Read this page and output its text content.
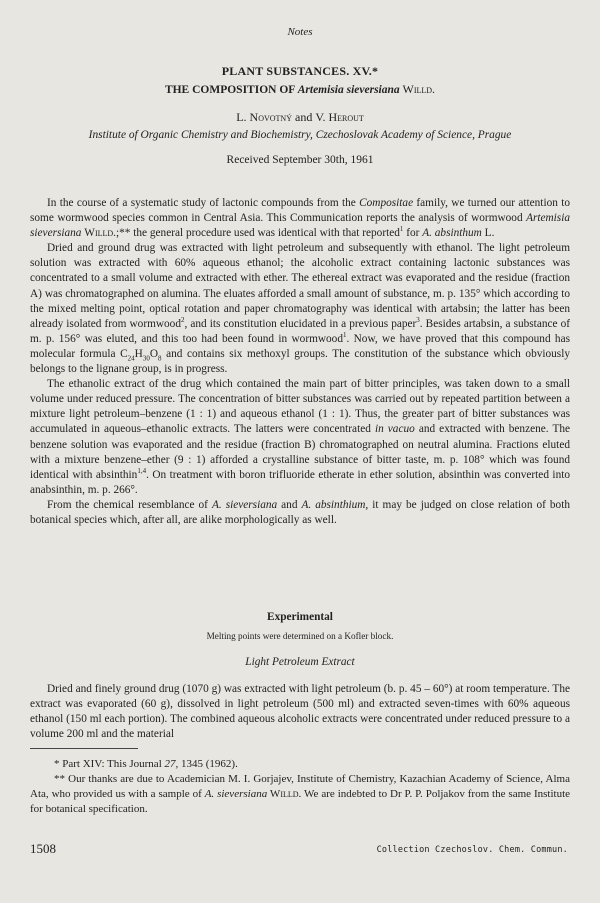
Notes
PLANT SUBSTANCES. XV.*
THE COMPOSITION OF Artemisia sieversiana Willd.
L. Novotný and V. Herout
Institute of Organic Chemistry and Biochemistry, Czechoslovak Academy of Science, Prague
Received September 30th, 1961

In the course of a systematic study of lactonic compounds from the Compositae family, we turned our attention to some wormwood species common in Central Asia. This Communication reports the analysis of wormwood Artemisia sieversiana Willd.;** the general procedure used was identical with that reported$^1$ for A. absinthum L.

Dried and ground drug was extracted with light petroleum and subsequently with ethanol. The light petroleum solution was extracted with 60% aqueous ethanol; the alcoholic extract containing lactonic substances was concentrated to a small volume and extracted with ether. The ethereal extract was evaporated and the residue (fraction A) was chromatographed on alumina. The eluates afforded a small amount of substance, m. p. 135° which according to the mixed melting point, optical rotation and paper chromatography was identical with artabsin; the latter has been already isolated from wormwood$^2$, and its constitution elucidated in a previous paper$^3$. Besides artabsin, a substance of m. p. 156° was eluted, and this too had been found in wormwood$^1$. Now, we have proved that this compound has molecular formula $C_{24}H_{30}O_8$ and contains six methoxyl groups. The constitution of the substance which obviously belongs to the lignane group, is in progress.

The ethanolic extract of the drug which contained the main part of bitter principles, was taken down to a small volume under reduced pressure. The concentration of bitter substances was carried out by repeated partition between a mixture light petroleum–benzene (1 : 1) and aqueous ethanol (1 : 1). Thus, the greater part of bitter substances was accumulated in aqueous–ethanolic extracts. The latters were concentrated in vacuo and extracted with benzene. The benzene solution was evaporated and the residue (fraction B) chromatographed on neutral alumina. Fractions eluted with a mixture benzene–ether (9 : 1) afforded a crystalline substance of bitter taste, m. p. 108° which was found identical with absinthin$^{1,4}$. On treatment with boron trifluoride etherate in ether solution, absinthin was converted into anabsinthin, m. p. 266°.

From the chemical resemblance of A. sieversiana and A. absinthium, it may be judged on close relation of both botanical species which, after all, are alike morphologically as well.

Experimental
Melting points were determined on a Kofler block.
Light Petroleum Extract

Dried and finely ground drug (1070 g) was extracted with light petroleum (b. p. 45 – 60°) at room temperature. The extract was evaporated (60 g), dissolved in light petroleum (500 ml) and extracted seven-times with 60% aqueous ethanol (150 ml each portion). The combined aqueous alcoholic extracts were concentrated under reduced pressure to a volume 200 ml and the material

* Part XIV: This Journal 27, 1345 (1962).

** Our thanks are due to Academician M. I. Gorjajev, Institute of Chemistry, Kazachian Academy of Science, Alma Ata, who provided us with a sample of A. sieversiana Willd. We are indebted to Dr P. P. Poljakov from the same Institute for botanical specification.

1508	Collection Czechoslov. Chem. Commun.
